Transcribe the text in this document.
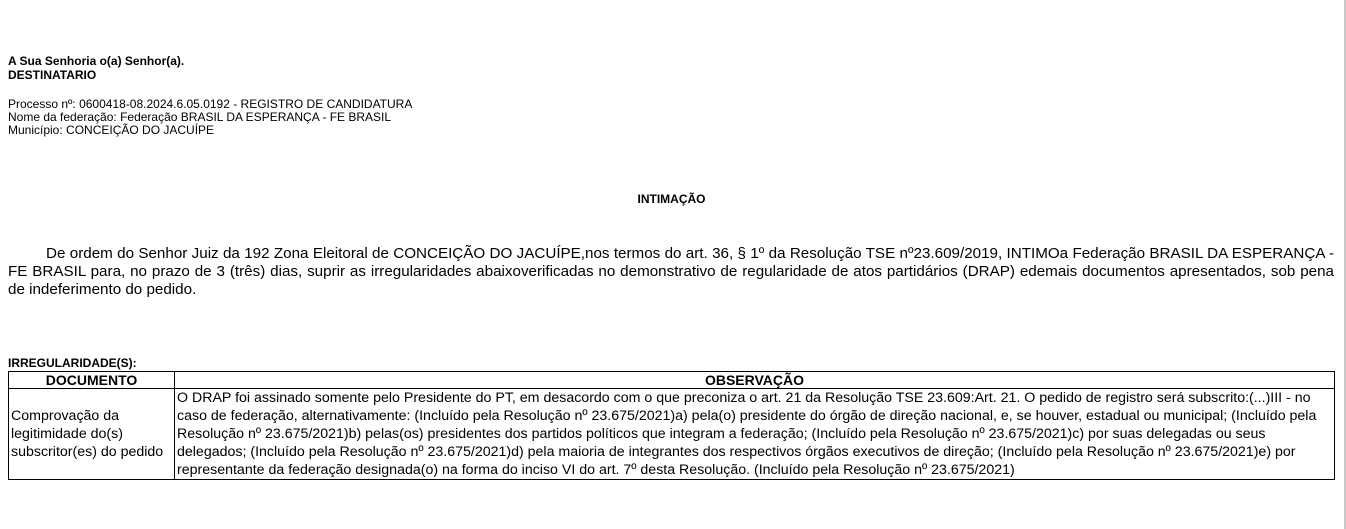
A Sua Senhoria o(a) Senhor(a).
DESTINATARIO
Processo nº: 0600418-08.2024.6.05.0192 - REGISTRO DE CANDIDATURA
Nome da federação: Federação BRASIL DA ESPERANÇA - FE BRASIL
Município: CONCEIÇÃO DO JACUÍPE
INTIMAÇÃO
De ordem do Senhor Juiz da 192 Zona Eleitoral de CONCEIÇÃO DO JACUÍPE,nos termos do art. 36, § 1º da Resolução TSE nº23.609/2019, INTIMOa Federação BRASIL DA ESPERANÇA - FE BRASIL para, no prazo de 3 (três) dias, suprir as irregularidades abaixoverificadas no demonstrativo de regularidade de atos partidários (DRAP) edemais documentos apresentados, sob pena de indeferimento do pedido.
IRREGULARIDADE(S):
DOCUMENTO	OBSERVAÇÃO
Comprovação da legitimidade do(s) subscritor(es) do pedido	O DRAP foi assinado somente pelo Presidente do PT, em desacordo com o que preconiza o art. 21 da Resolução TSE 23.609:Art. 21. O pedido de registro será subscrito:(...)III - no caso de federação, alternativamente: (Incluído pela Resolução nº 23.675/2021)a) pela(o) presidente do órgão de direção nacional, e, se houver, estadual ou municipal; (Incluído pela Resolução nº 23.675/2021)b) pelas(os) presidentes dos partidos políticos que integram a federação; (Incluído pela Resolução nº 23.675/2021)c) por suas delegadas ou seus delegados; (Incluído pela Resolução nº 23.675/2021)d) pela maioria de integrantes dos respectivos órgãos executivos de direção; (Incluído pela Resolução nº 23.675/2021)e) por representante da federação designada(o) na forma do inciso VI do art. 7º desta Resolução. (Incluído pela Resolução nº 23.675/2021)
